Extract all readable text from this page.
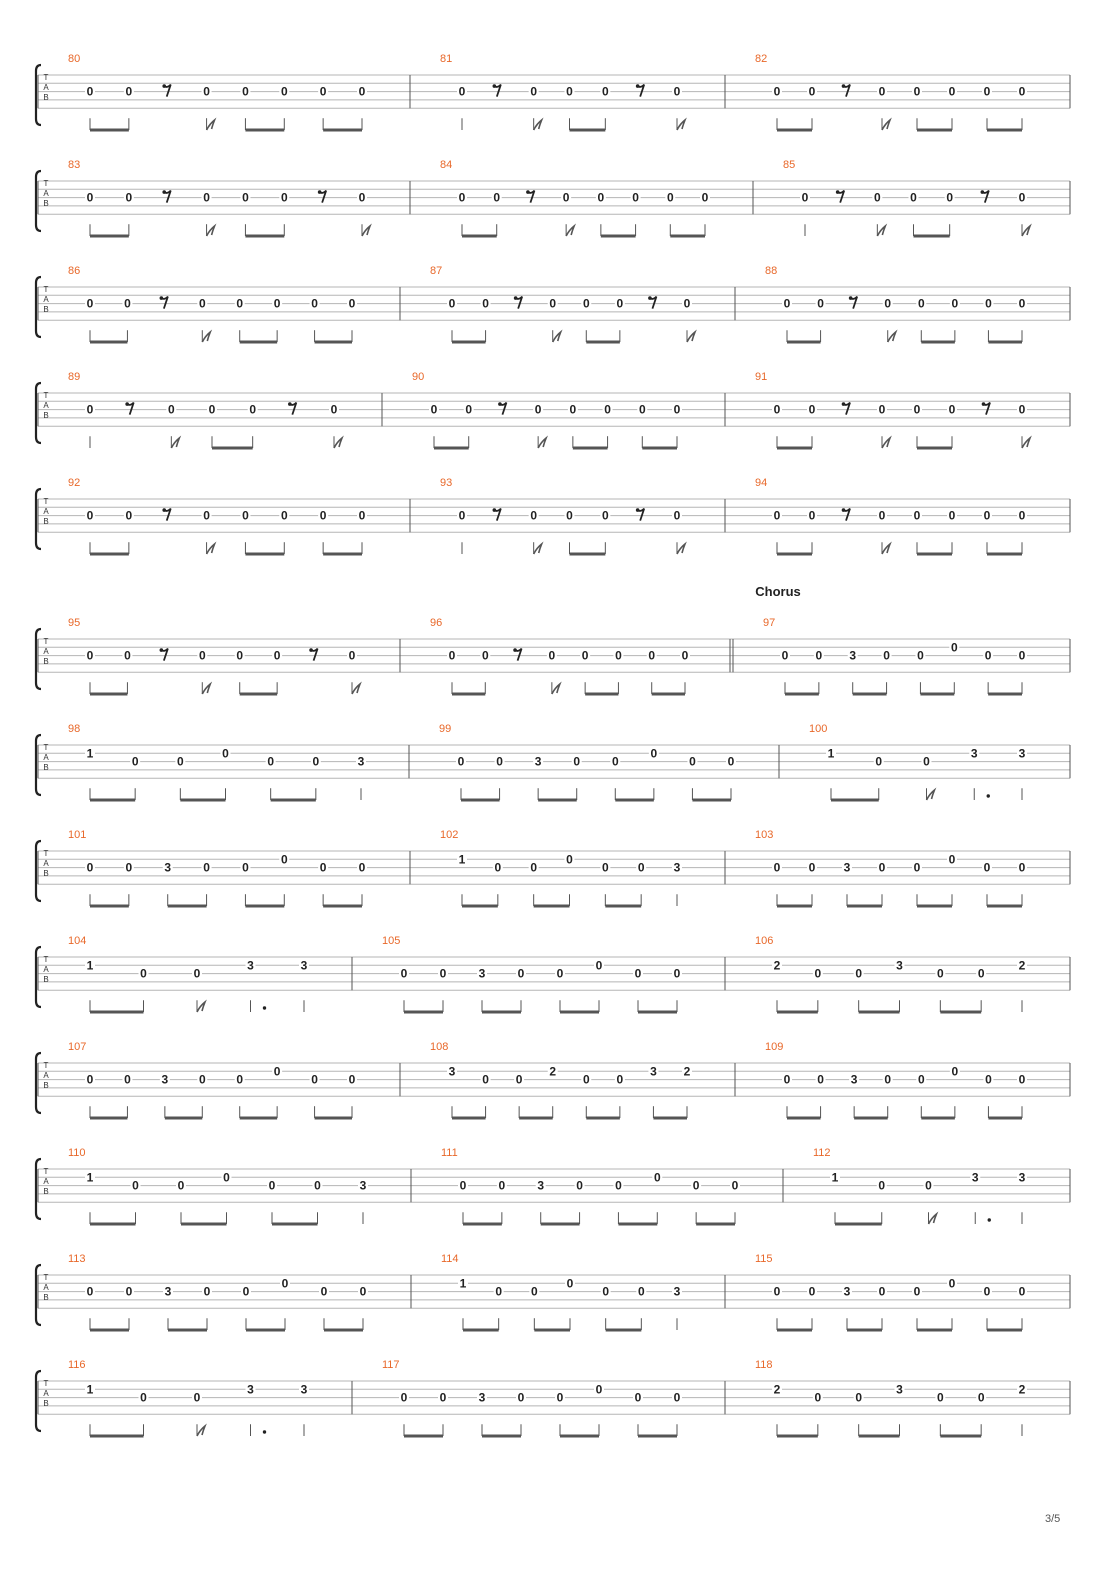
3/5
T
A
B
80
0	0	0	0	0	0	0
81
0	0 0 0	0
82
0 0	0 0 0 0 0
T
A
B
83
0	0	0	0	0	0
84
0 0	0 0 0 0 0
85
0	0 0 0	0
T
A
B
86
0	0	0	0	0	0	0
87
0 0	0 0 0	0
88
0 0	0 0 0 0 0
T
A
B
89
0	0	0	0	0
90
0 0	0 0 0 0 0
91
0 0	0 0 0	0
T
A
B
92
0	0	0	0	0	0	0
93
0	0 0 0	0
94
0 0	0 0 0 0 0
T
A
B
Chorus
95
0	0	0	0	0	0
96
0 0	0 0 0 0 0
97
0 0 3 0 0
0
0 0
T
A
B
98
1
0	0
0
0	0	3
99
0	0	3	0	0
0
0	0
100
1
0	0
3	3
T
A
B
101
0	0	3	0	0
0
0	0
102
1
0 0
0
0 0 3
103
0 0 3 0 0
0
0 0
T
A
B
104
1
0	0
3	3
105
0	0	3	0	0
0
0	0
106
2
0	0
3
0	0
2
T
A
B
107
0	0	3	0	0
0
0	0
108
3
0 0
2
0 0
3 2
109
0 0 3 0 0
0
0 0
T
A
B
110
1
0	0
0
0	0	3
111
0	0	3	0	0
0
0	0
112
1
0	0
3	3
T
A
B
113
0	0	3	0	0
0
0	0
114
1
0 0
0
0 0 3
115
0 0 3 0 0
0
0 0
T
A
B
116
1
0	0
3	3
117
0	0	3	0	0
0
0	0
118
2
0	0
3
0	0
2
